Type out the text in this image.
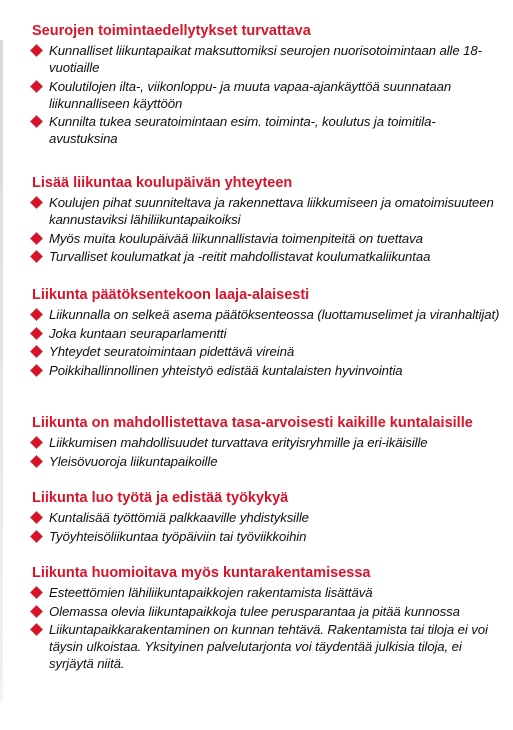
Seurojen toimintaedellytykset turvattava
Kunnalliset liikuntapaikat maksuttomiksi seurojen nuorisotoimintaan alle 18-vuotiaille
Koulutilojen ilta-, viikonloppu- ja muuta vapaa-ajankäyttöä suunnataan liikunnalliseen käyttöön
Kunnilta tukea seuratoimintaan esim. toiminta-, koulutus ja toimitila-avustuksina
Lisää liikuntaa koulupäivän yhteyteen
Koulujen pihat suunniteltava ja rakennettava liikkumiseen ja omatoimisuuteen kannustaviksi lähiliikuntapaikoiksi
Myös muita koulupäivää liikunnallistavia toimenpiteitä on tuettava
Turvalliset koulumatkat ja -reitit mahdollistavat koulumatkaliikuntaa
Liikunta päätöksentekoon laaja-alaisesti
Liikunnalla on selkeä asema päätöksenteossa (luottamuselimet ja viranhaltijat)
Joka kuntaan seuraparlamentti
Yhteydet seuratoimintaan pidettävä vireinä
Poikkihallinnollinen yhteistyö edistää kuntalaisten hyvinvointia
Liikunta on mahdollistettava tasa-arvoisesti kaikille kuntalaisille
Liikkumisen mahdollisuudet turvattava erityisryhmille ja eri-ikäisille
Yleisövuoroja liikuntapaikoille
Liikunta luo työtä ja edistää työkykyä
Kuntalisää työttömiä palkkaaville yhdistyksille
Työyhteisöliikuntaa työpäiviin tai työviikkoihin
Liikunta huomioitava myös kuntarakentamisessa
Esteettömien lähiliikuntapaikkojen rakentamista lisättävä
Olemassa olevia liikuntapaikkoja tulee perusparantaa ja pitää kunnossa
Liikuntapaikkarakentaminen on kunnan tehtävä. Rakentamista tai tiloja ei voi täysin ulkoistaa. Yksityinen palvelutarjonta voi täydentää julkisia tiloja, ei syrjäytä niitä.
